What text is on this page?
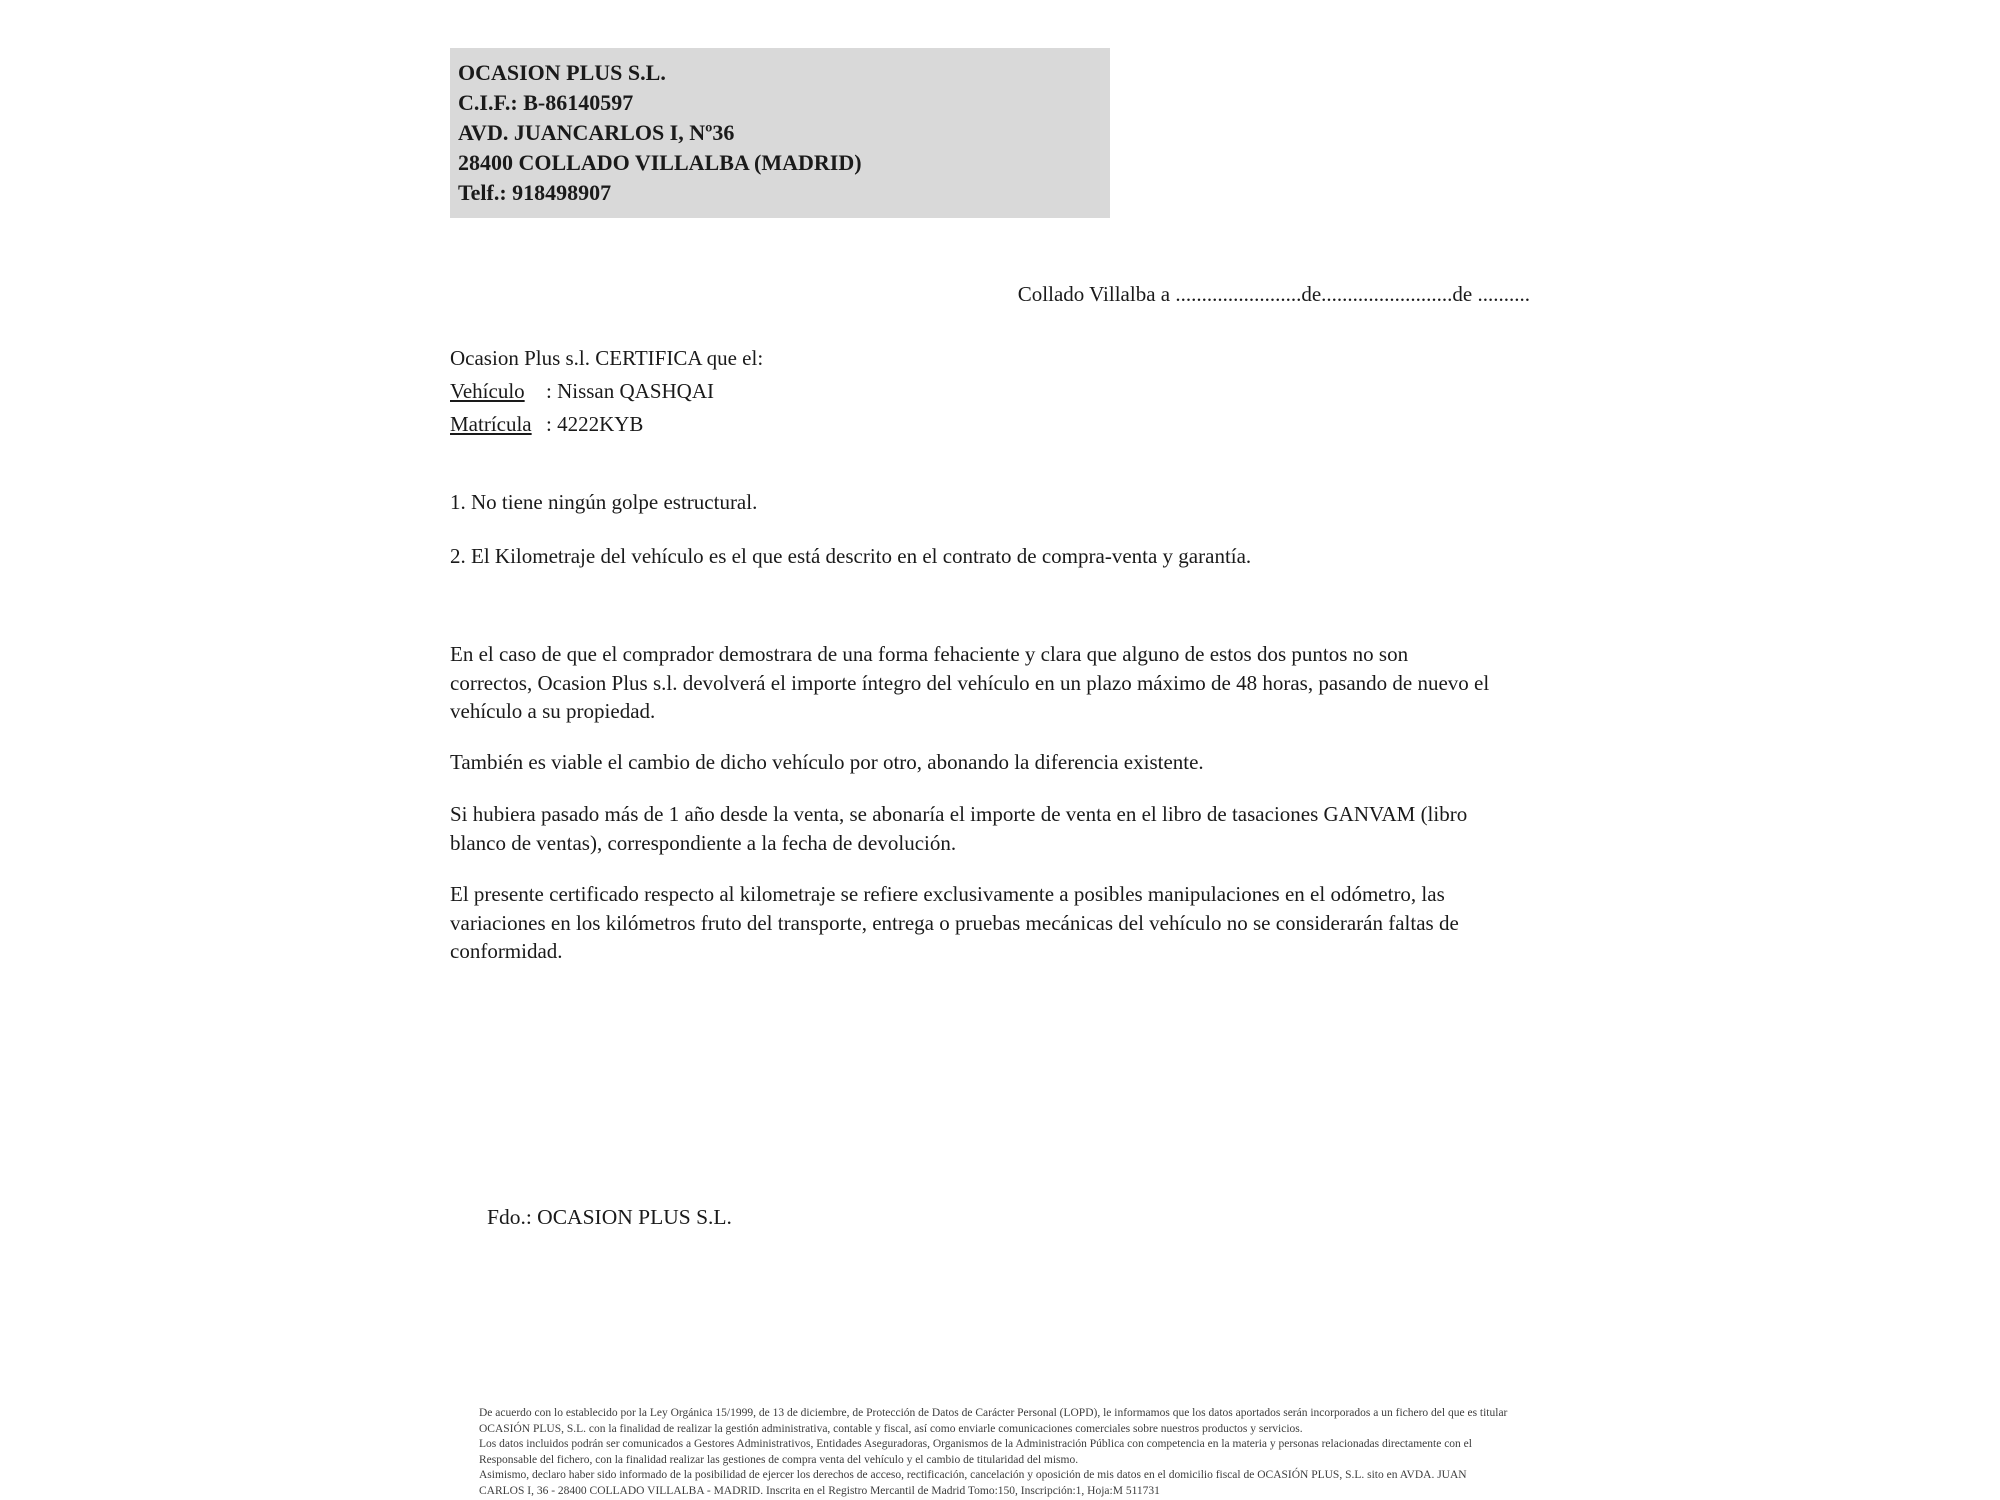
OCASION PLUS S.L.
C.I.F.: B-86140597
AVD. JUANCARLOS I, Nº36
28400 COLLADO VILLALBA (MADRID)
Telf.: 918498907
Collado Villalba a ........................de.........................de ..........
Ocasion Plus s.l. CERTIFICA que el:
Vehículo : Nissan QASHQAI
Matrícula : 4222KYB
1. No tiene ningún golpe estructural.
2. El Kilometraje del vehículo es el que está descrito en el contrato de compra-venta y garantía.
En el caso de que el comprador demostrara de una forma fehaciente y clara que alguno de estos dos puntos no son correctos, Ocasion Plus s.l. devolverá el importe íntegro del vehículo en un plazo máximo de 48 horas, pasando de nuevo el vehículo a su propiedad.
También es viable el cambio de dicho vehículo por otro, abonando la diferencia existente.
Si hubiera pasado más de 1 año desde la venta, se abonaría el importe de venta en el libro de tasaciones GANVAM (libro blanco de ventas), correspondiente a la fecha de devolución.
El presente certificado respecto al kilometraje se refiere exclusivamente a posibles manipulaciones en el odómetro, las variaciones en los kilómetros fruto del transporte, entrega o pruebas mecánicas del vehículo no se considerarán faltas de conformidad.
Fdo.: OCASION PLUS S.L.
De acuerdo con lo establecido por la Ley Orgánica 15/1999, de 13 de diciembre, de Protección de Datos de Carácter Personal (LOPD), le informamos que los datos aportados serán incorporados a un fichero del que es titular
OCASIÓN PLUS, S.L. con la finalidad de realizar la gestión administrativa, contable y fiscal, así como enviarle comunicaciones comerciales sobre nuestros productos y servicios.
Los datos incluidos podrán ser comunicados a Gestores Administrativos, Entidades Aseguradoras, Organismos de la Administración Pública con competencia en la materia y personas relacionadas directamente con el
Responsable del fichero, con la finalidad realizar las gestiones de compra venta del vehículo y el cambio de titularidad del mismo.
Asimismo, declaro haber sido informado de la posibilidad de ejercer los derechos de acceso, rectificación, cancelación y oposición de mis datos en el domicilio fiscal de OCASIÓN PLUS, S.L. sito en AVDA. JUAN
CARLOS I, 36 - 28400 COLLADO VILLALBA - MADRID. Inscrita en el Registro Mercantil de Madrid Tomo:150, Inscripción:1, Hoja:M 511731
